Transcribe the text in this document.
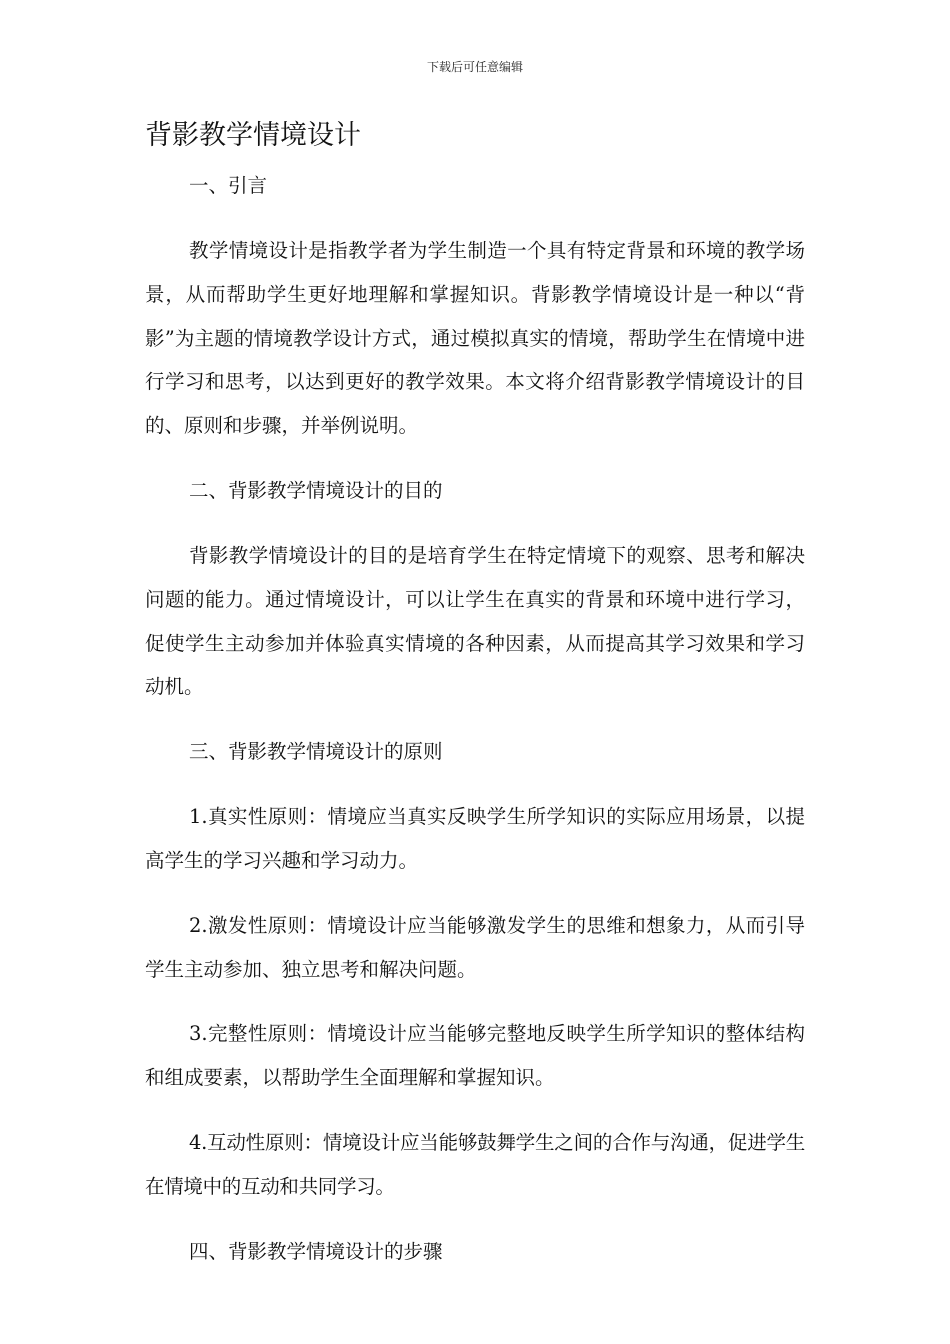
下载后可任意编辑
背影教学情境设计

一、引言

教学情境设计是指教学者为学生制造一个具有特定背景和环境的教学场景，从而帮助学生更好地理解和掌握知识。背影教学情境设计是一种以“背影”为主题的情境教学设计方式，通过模拟真实的情境，帮助学生在情境中进行学习和思考，以达到更好的教学效果。本文将介绍背影教学情境设计的目的、原则和步骤，并举例说明。

二、背影教学情境设计的目的

背影教学情境设计的目的是培育学生在特定情境下的观察、思考和解决问题的能力。通过情境设计，可以让学生在真实的背景和环境中进行学习，促使学生主动参加并体验真实情境的各种因素，从而提高其学习效果和学习动机。

三、背影教学情境设计的原则

1.真实性原则：情境应当真实反映学生所学知识的实际应用场景，以提高学生的学习兴趣和学习动力。

2.激发性原则：情境设计应当能够激发学生的思维和想象力，从而引导学生主动参加、独立思考和解决问题。

3.完整性原则：情境设计应当能够完整地反映学生所学知识的整体结构和组成要素，以帮助学生全面理解和掌握知识。

4.互动性原则：情境设计应当能够鼓舞学生之间的合作与沟通，促进学生在情境中的互动和共同学习。

四、背影教学情境设计的步骤
